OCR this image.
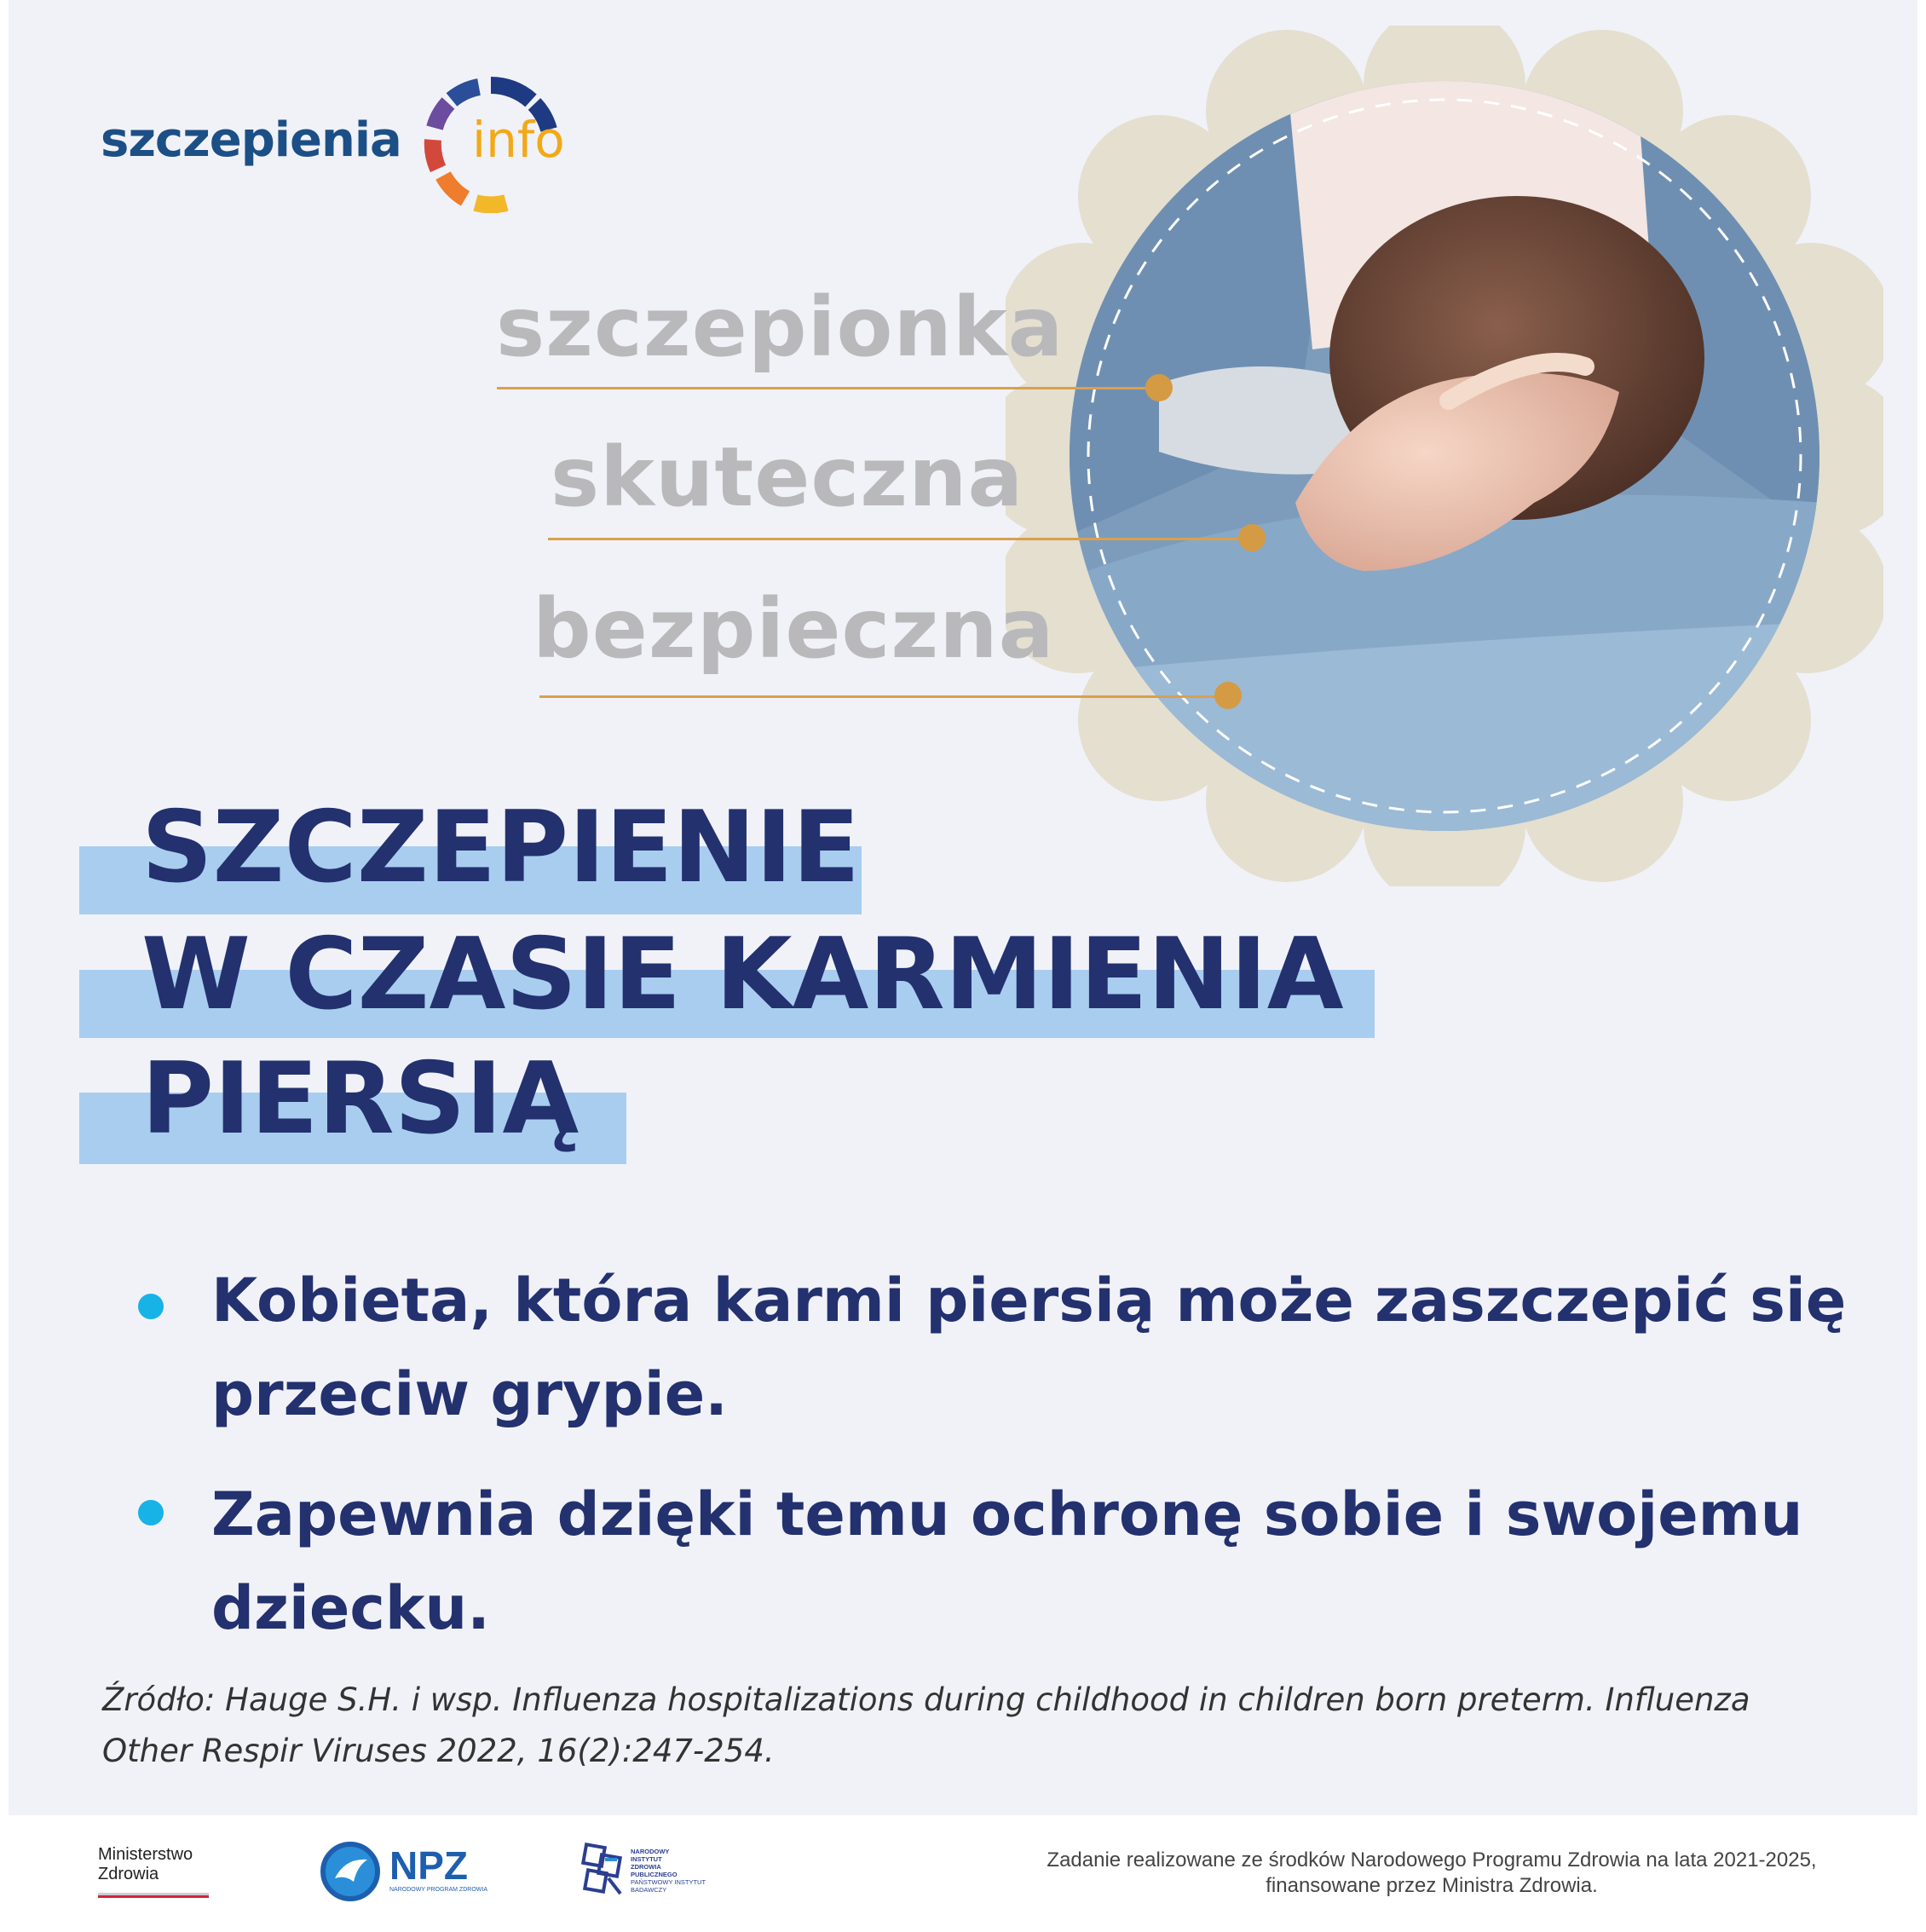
szczepienia info
szczepionka
skuteczna
bezpieczna
SZCZEPIENIE
W CZASIE KARMIENIA
PIERSIĄ
Kobieta, która karmi piersią może zaszczepić się przeciw grypie.
Zapewnia dzięki temu ochronę sobie i swojemu dziecku.
Źródło: Hauge S.H. i wsp. Influenza hospitalizations during childhood in children born preterm. Influenza Other Respir Viruses 2022, 16(2):247-254.
Ministerstwo
Zdrowia	NPZ
NARODOWY PROGRAM ZDROWIA
NARODOWY
INSTYTUT
ZDROWIA
PUBLICZNEGO
PAŃSTWOWY INSTYTUT
BADAWCZY
Zadanie realizowane ze środków Narodowego Programu Zdrowia na lata 2021-2025, finansowane przez Ministra Zdrowia.
